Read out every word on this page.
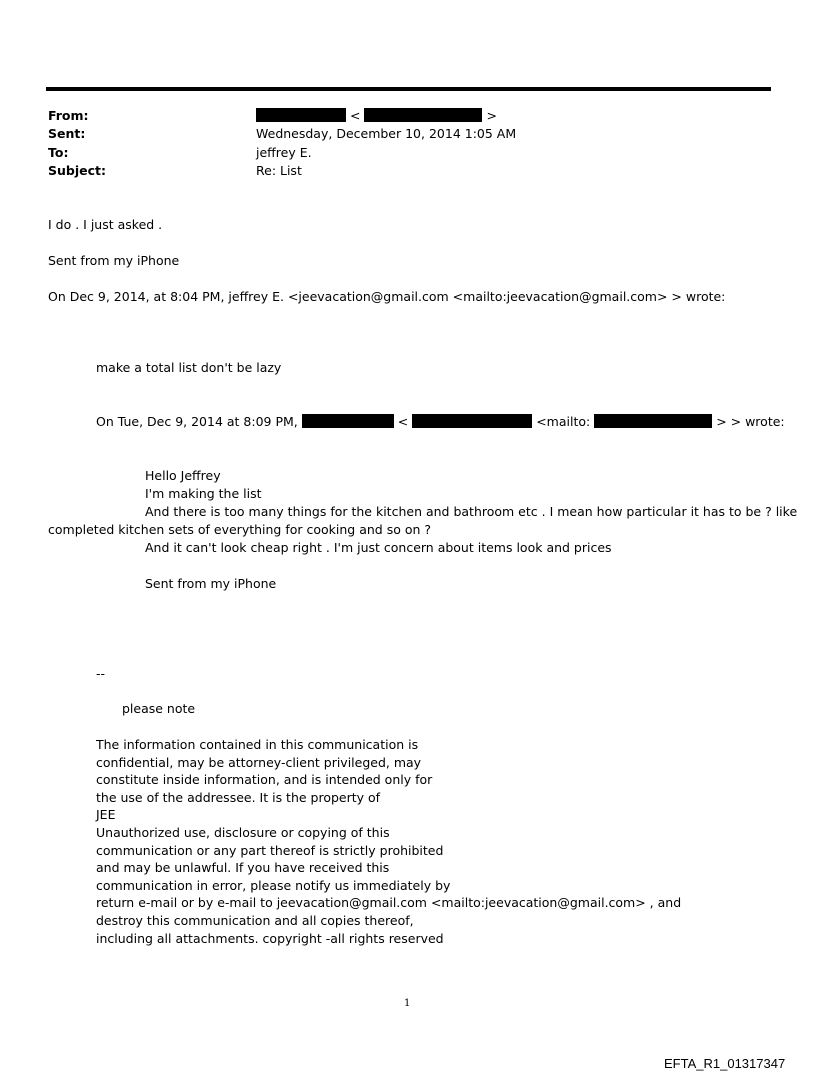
From:	<	>
Sent:	Wednesday, December 10, 2014 1:05 AM
To:	jeffrey E.
Subject:	Re: List
I do . I just asked .
Sent from my iPhone
On Dec 9, 2014, at 8:04 PM, jeffrey E. <jeevacation@gmail.com <mailto:jeevacation@gmail.com> > wrote:
make a total list don't be lazy
On Tue, Dec 9, 2014 at 8:09 PM,	<	<mailto:	> > wrote:
Hello Jeffrey
I'm making the list
And there is too many things for the kitchen and bathroom etc . I mean how particular it has to be ? like
completed kitchen sets of everything for cooking and so on ?
And it can't look cheap right . I'm just concern about items look and prices
Sent from my iPhone
--
please note
The information contained in this communication is
confidential, may be attorney-client privileged, may
constitute inside information, and is intended only for
the use of the addressee. It is the property of
JEE
Unauthorized use, disclosure or copying of this
communication or any part thereof is strictly prohibited
and may be unlawful. If you have received this
communication in error, please notify us immediately by
return e-mail or by e-mail to jeevacation@gmail.com <mailto:jeevacation@gmail.com> , and
destroy this communication and all copies thereof,
including all attachments. copyright -all rights reserved
1
EFTA_R1_01317347
